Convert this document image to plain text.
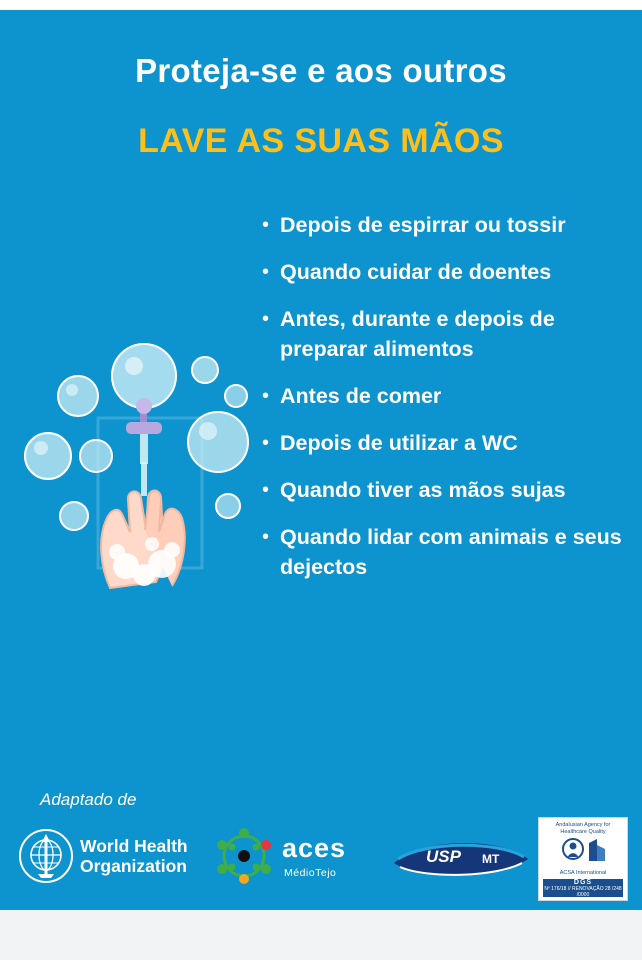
Proteja-se e aos outros
LAVE AS SUAS MÃOS
• Depois de espirrar ou tossir
• Quando cuidar de doentes
• Antes, durante e depois de preparar alimentos
• Antes de comer
• Depois de utilizar a WC
• Quando tiver as mãos sujas
• Quando lidar com animais e seus dejectos
Adaptado de
World Health
Organization
aces
MédioTejo
USP MT
Andalusian Agency for Healthcare Quality
ACSA International
DGS
Nº 176/18 // RENOVAÇÃO 28 /248 /0000
